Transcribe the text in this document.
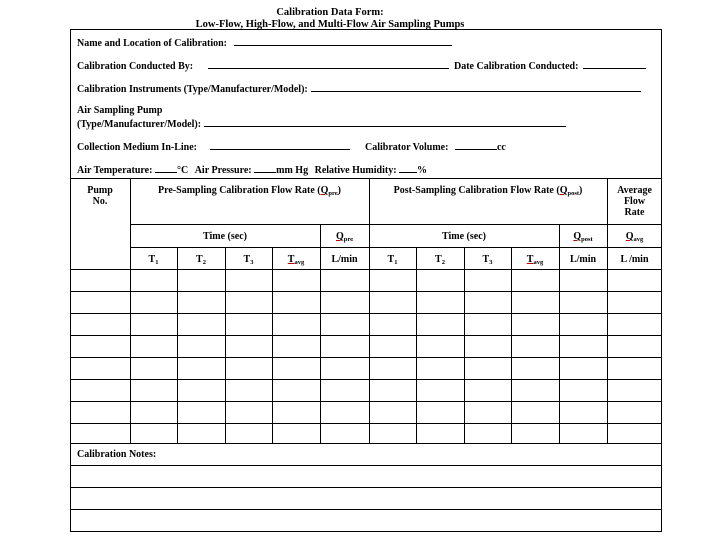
Calibration Data Form:
Low-Flow, High-Flow, and Multi-Flow Air Sampling Pumps
Name and Location of Calibration:
Calibration Conducted By:	Date Calibration Conducted:
Calibration Instruments (Type/Manufacturer/Model):
Air Sampling Pump
(Type/Manufacturer/Model):
Collection Medium In-Line:	Calibrator Volume:	cc
Air Temperature: °C Air Pressure: mm Hg Relative Humidity: %
Pump
No.
Pre-Sampling Calibration Flow Rate $(Q_{pre})$	Post-Sampling Calibration Flow Rate $(Q_{post})$	Average
Flow
Rate
Time (sec)	$Q_{pre}$	Time (sec)	$Q_{post}$	$Q_{avg}$
$T_1$	$T_2$	$T_3$	$T_{avg}$	L/min	$T_1$	$T_2$	$T_3$	$T_{avg}$	L/min	L /min
Calibration Notes:
